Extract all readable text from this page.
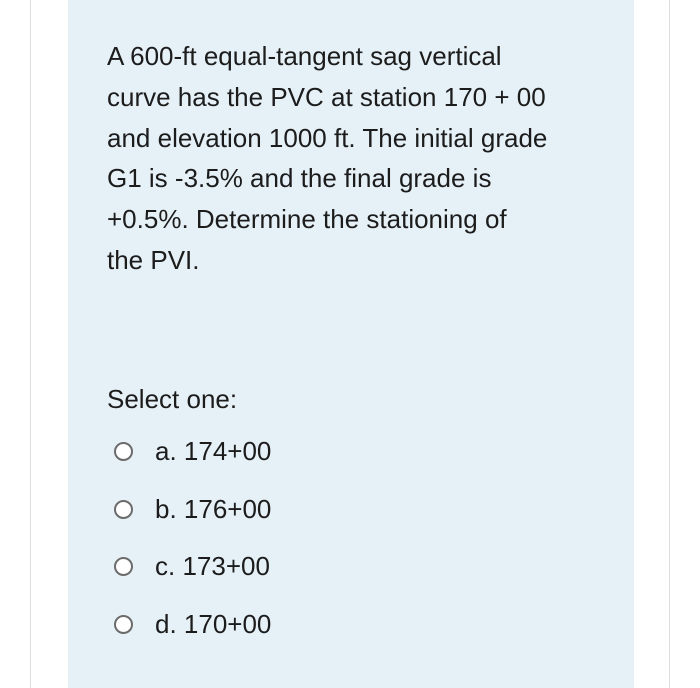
A 600-ft equal-tangent sag vertical
curve has the PVC at station 170 + 00
and elevation 1000 ft. The initial grade
G1 is -3.5% and the final grade is
+0.5%. Determine the stationing of
the PVI.
Select one:
a. 174+00
b. 176+00
c. 173+00
d. 170+00
